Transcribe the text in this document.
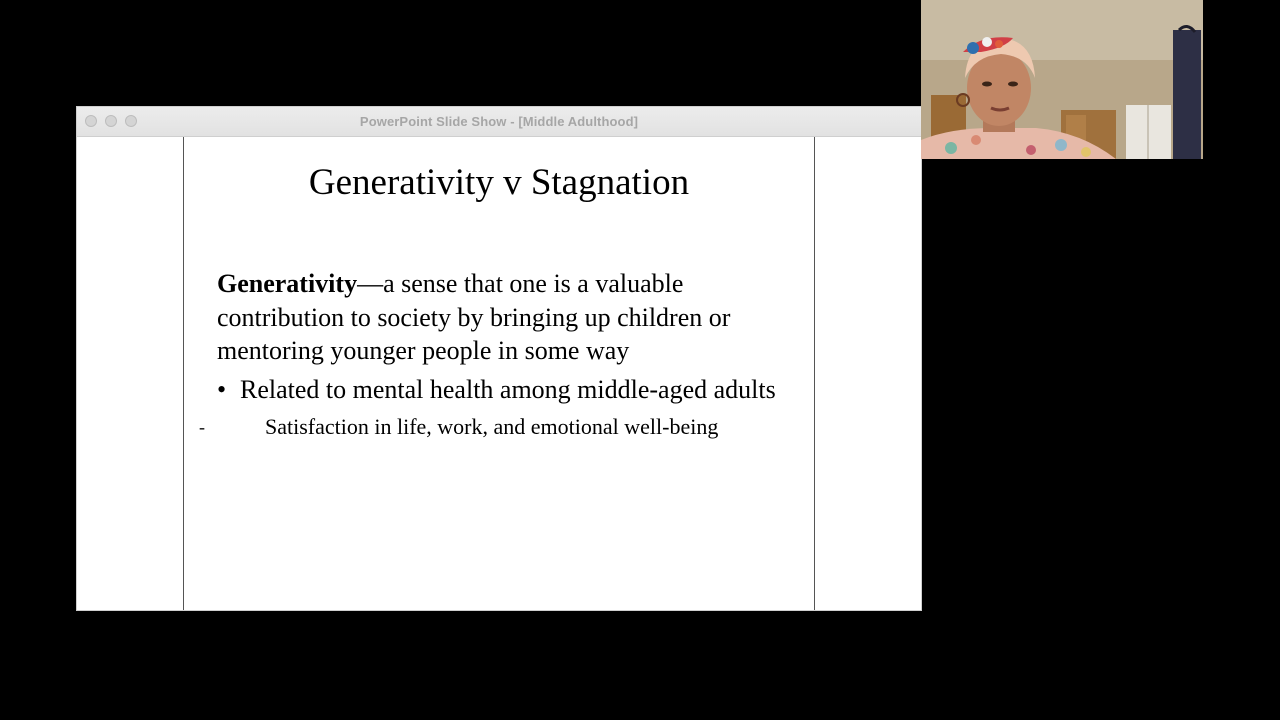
PowerPoint Slide Show - [Middle Adulthood]
Generativity v Stagnation

Generativity—a sense that one is a valuable contribution to society by bringing up children or mentoring younger people in some way

• Related to mental health among middle-aged adults
-	Satisfaction in life, work, and emotional well-being
